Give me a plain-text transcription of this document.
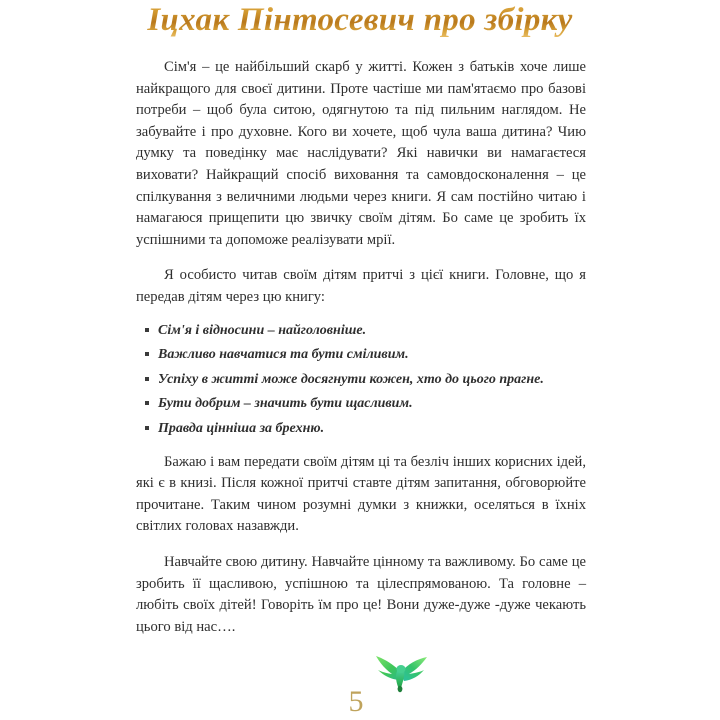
Іцхак Пінтосевич про збірку

Сім'я – це найбільший скарб у житті. Кожен з батьків хоче лише найкращого для своєї дитини. Проте частіше ми пам'ятаємо про базові потреби – щоб була ситою, одягнутою та під пильним наглядом. Не забувайте і про духовне. Кого ви хочете, щоб чула ваша дитина? Чию думку та поведінку має наслідувати? Які навички ви намагаєтеся виховати? Найкращий спосіб виховання та самовдосконалення – це спілкування з величними людьми через книги. Я сам постійно читаю і намагаюся прищепити цю звичку своїм дітям. Бо саме це зробить їх успішними та допоможе реалізувати мрії.

Я особисто читав своїм дітям притчі з цієї книги. Головне, що я передав дітям через цю книгу:

Сім'я і відносини – найголовніше.
Важливо навчатися та бути сміливим.
Успіху в житті може досягнути кожен, хто до цього прагне.
Бути добрим – значить бути щасливим.
Правда цінніша за брехню.

Бажаю і вам передати своїм дітям ці та безліч інших корисних ідей, які є в книзі. Після кожної притчі ставте дітям запитання, обговорюйте прочитане. Таким чином розумні думки з книжки, оселяться в їхніх світлих головах назавжди.

Навчайте свою дитину. Навчайте цінному та важливому. Бо саме це зробить її щасливою, успішною та цілеспрямованою. Та головне – любіть своїх дітей! Говоріть їм про це! Вони дуже-дуже -дуже чекають цього від нас….

5
